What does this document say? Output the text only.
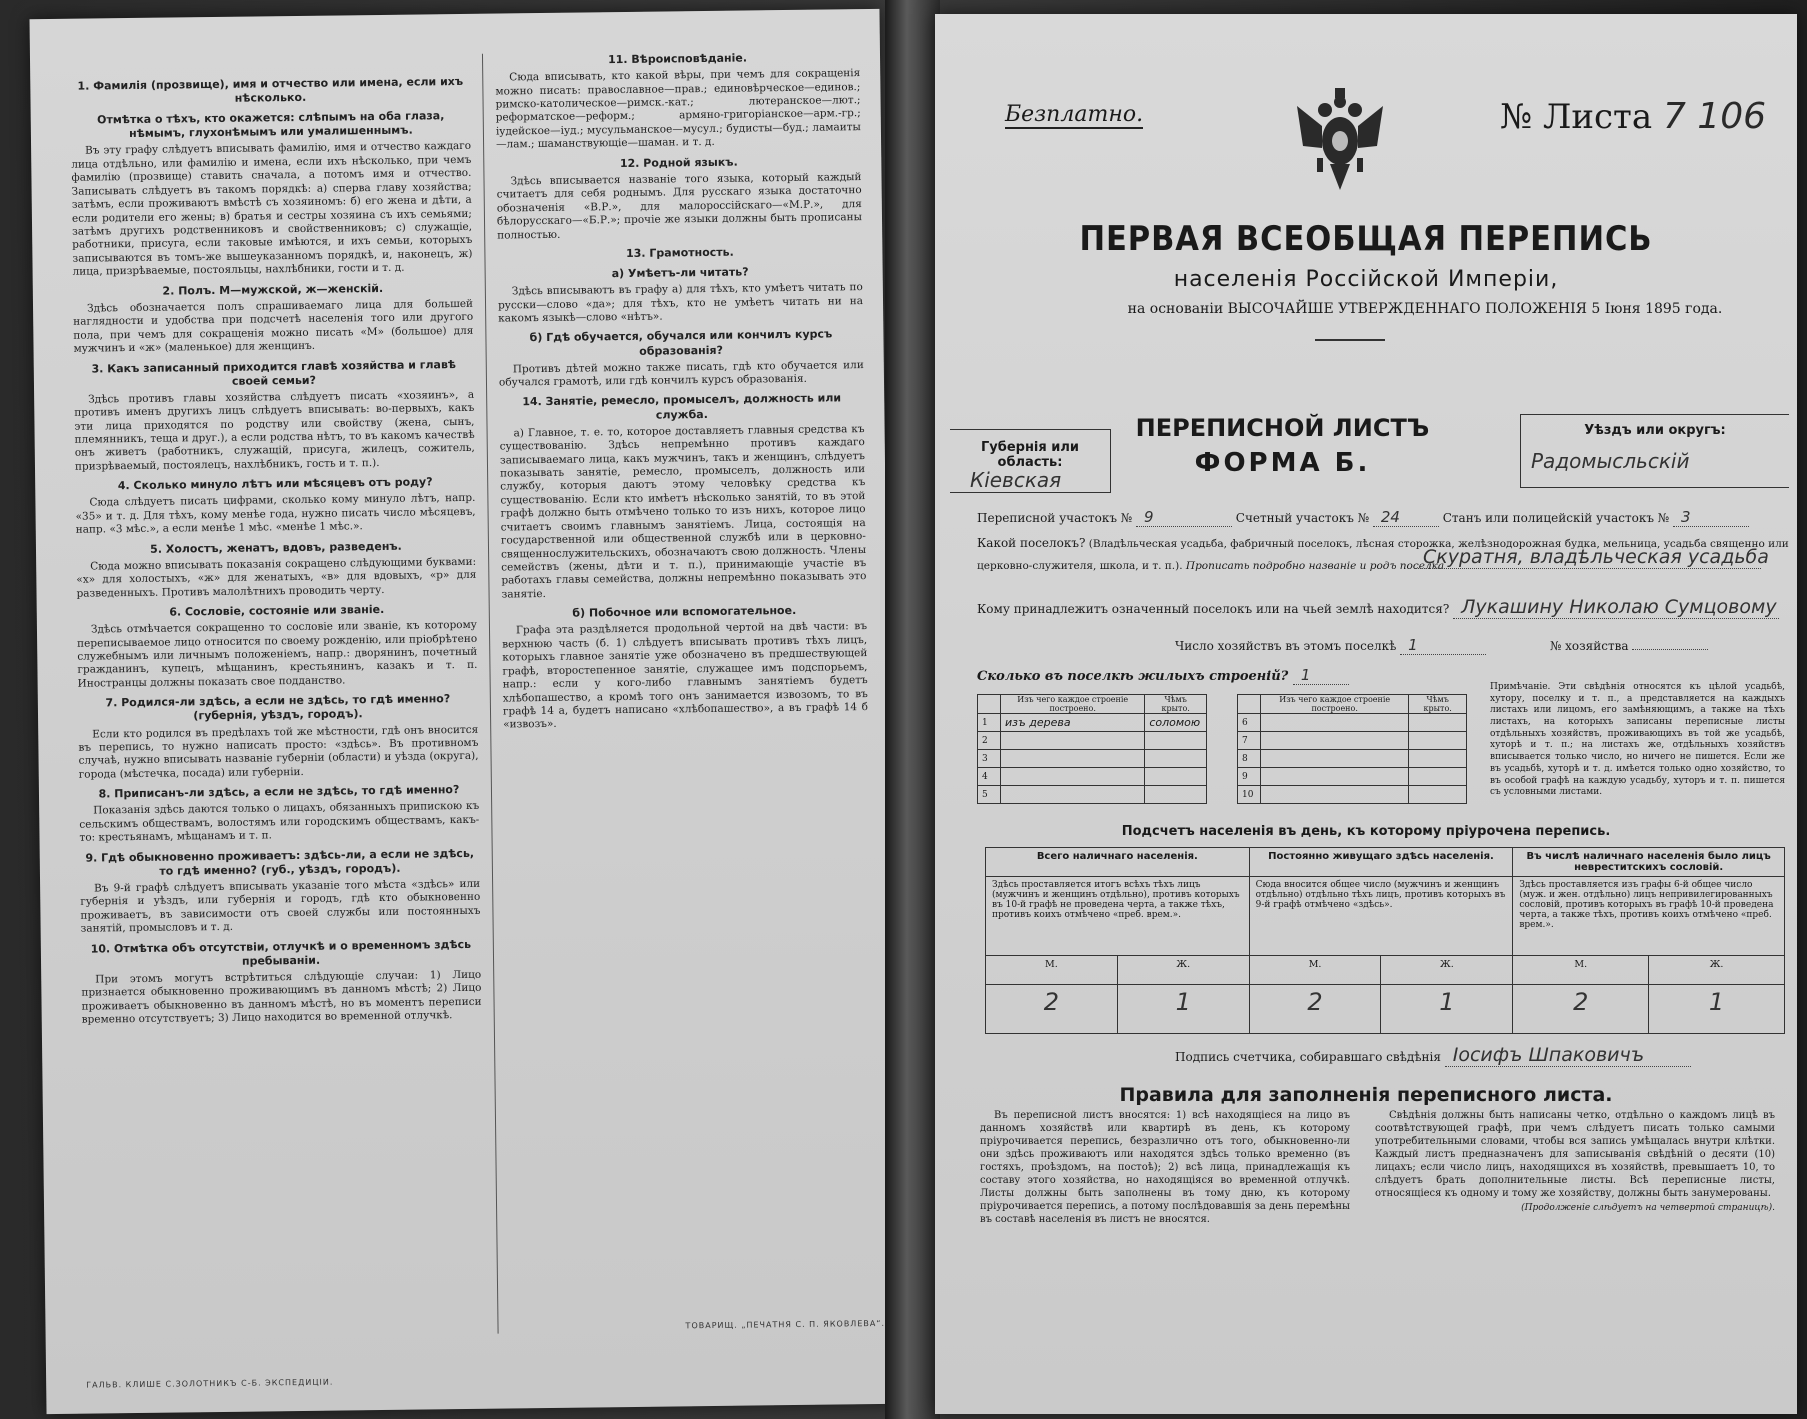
1. Фамилія (прозвище), имя и отчество или имена, если ихъ нѣсколько.
Отмѣтка о тѣхъ, кто окажется: слѣпымъ на оба глаза, нѣмымъ, глухонѣмымъ или умалишеннымъ.

Въ эту графу слѣдуетъ вписывать фамилію, имя и отчество каждаго лица отдѣльно, или фамилію и имена, если ихъ нѣсколько, при чемъ фамилію (прозвище) ставить сначала, а потомъ имя и отчество. Записывать слѣдуетъ въ такомъ порядкѣ: а) сперва главу хозяйства; затѣмъ, если проживаютъ вмѣстѣ съ хозяиномъ: б) его жена и дѣти, а если родители его жены; в) братья и сестры хозяина съ ихъ семьями; затѣмъ другихъ родственниковъ и свойственниковъ; с) служащіе, работники, присуга, если таковые имѣются, и ихъ семьи, которыхъ записываются въ томъ-же вышеуказанномъ порядкѣ, и, наконецъ, ж) лица, призрѣваемые, постояльцы, нахлѣбники, гости и т. д.

2. Полъ. М—мужской, ж—женскій.

Здѣсь обозначается полъ спрашиваемаго лица для большей наглядности и удобства при подсчетѣ населенія того или другого пола, при чемъ для сокращенія можно писать «М» (большое) для мужчинъ и «ж» (маленькое) для женщинъ.

3. Какъ записанный приходится главѣ хозяйства и главѣ своей семьи?

Здѣсь противъ главы хозяйства слѣдуетъ писать «хозяинъ», а противъ именъ другихъ лицъ слѣдуетъ вписывать: во-первыхъ, какъ эти лица приходятся по родству или свойству (жена, сынъ, племянникъ, теща и друг.), а если родства нѣтъ, то въ какомъ качествѣ онъ живетъ (работникъ, служащій, присуга, жилецъ, сожитель, призрѣваемый, постоялецъ, нахлѣбникъ, гость и т. п.).

4. Сколько минуло лѣтъ или мѣсяцевъ отъ роду?

Сюда слѣдуетъ писать цифрами, сколько кому минуло лѣтъ, напр. «35» и т. д. Для тѣхъ, кому менѣе года, нужно писать число мѣсяцевъ, напр. «3 мѣс.», а если менѣе 1 мѣс. «менѣе 1 мѣс.».

5. Холостъ, женатъ, вдовъ, разведенъ.

Сюда можно вписывать показанія сокращено слѣдующими буквами: «х» для холостыхъ, «ж» для женатыхъ, «в» для вдовыхъ, «р» для разведенныхъ. Противъ малолѣтнихъ проводить черту.

6. Сословіе, состояніе или званіе.

Здѣсь отмѣчается сокращенно то сословіе или званіе, къ которому переписываемое лицо относится по своему рожденію, или пріобрѣтено служебнымъ или личнымъ положеніемъ, напр.: дворянинъ, почетный гражданинъ, купецъ, мѣщанинъ, крестьянинъ, казакъ и т. п. Иностранцы должны показать свое подданство.

7. Родился-ли здѣсь, а если не здѣсь, то гдѣ именно? (губернія, уѣздъ, городъ).

Если кто родился въ предѣлахъ той же мѣстности, гдѣ онъ вносится въ перепись, то нужно написать просто: «здѣсь». Въ противномъ случаѣ, нужно вписывать названіе губерніи (области) и уѣзда (округа), города (мѣстечка, посада) или губерніи.

8. Приписанъ-ли здѣсь, а если не здѣсь, то гдѣ именно?

Показанія здѣсь даются только о лицахъ, обязанныхъ припискою къ сельскимъ обществамъ, волостямъ или городскимъ обществамъ, какъ-то: крестьянамъ, мѣщанамъ и т. п.

9. Гдѣ обыкновенно проживаетъ: здѣсь-ли, а если не здѣсь, то гдѣ именно? (губ., уѣздъ, городъ).

Въ 9-й графѣ слѣдуетъ вписывать указаніе того мѣста «здѣсь» или губернія и уѣздъ, или губернія и городъ, гдѣ кто обыкновенно проживаетъ, въ зависимости отъ своей службы или постоянныхъ занятій, промысловъ и т. д.

10. Отмѣтка объ отсутствіи, отлучкѣ и о временномъ здѣсь пребываніи.

При этомъ могутъ встрѣтиться слѣдующіе случаи: 1) Лицо признается обыкновенно проживающимъ въ данномъ мѣстѣ; 2) Лицо проживаетъ обыкновенно въ данномъ мѣстѣ, но въ моментъ переписи временно отсутствуетъ; 3) Лицо находится во временной отлучкѣ.

11. Вѣроисповѣданіе.

Сюда вписывать, кто какой вѣры, при чемъ для сокращенія можно писать: православное—прав.; единовѣрческое—единов.; римско-католическое—римск.-кат.; лютеранское—лют.; реформатское—реформ.; армяно-григоріанское—арм.-гр.; іудейское—іуд.; мусульманское—мусул.; будисты—буд.; ламаиты—лам.; шаманствующіе—шаман. и т. д.

12. Родной языкъ.

Здѣсь вписывается названіе того языка, который каждый считаетъ для себя роднымъ. Для русскаго языка достаточно обозначенія «В.Р.», для малороссійскаго—«М.Р.», для бѣлорусскаго—«Б.Р.»; прочіе же языки должны быть прописаны полностью.

13. Грамотность.
а) Умѣетъ-ли читать?

Здѣсь вписываютъ въ графу а) для тѣхъ, кто умѣетъ читать по русски—слово «да»; для тѣхъ, кто не умѣетъ читать ни на какомъ языкѣ—слово «нѣтъ».

б) Гдѣ обучается, обучался или кончилъ курсъ образованія?

Противъ дѣтей можно также писать, гдѣ кто обучается или обучался грамотѣ, или гдѣ кончилъ курсъ образованія.

14. Занятіе, ремесло, промыселъ, должность или служба.

а) Главное, т. е. то, которое доставляетъ главныя средства къ существованію. Здѣсь непремѣнно противъ каждаго записываемаго лица, какъ мужчинъ, такъ и женщинъ, слѣдуетъ показывать занятіе, ремесло, промыселъ, должность или службу, которыя даютъ этому человѣку средства къ существованію. Если кто имѣетъ нѣсколько занятій, то въ этой графѣ должно быть отмѣчено только то изъ нихъ, которое лицо считаетъ своимъ главнымъ занятіемъ. Лица, состоящія на государственной или общественной службѣ или в церковно-священнослужительскихъ, обозначаютъ свою должность. Члены семействъ (жены, дѣти и т. п.), принимающіе участіе въ работахъ главы семейства, должны непремѣнно показывать это занятіе.

б) Побочное или вспомогательное.

Графа эта раздѣляется продольной чертой на двѣ части: въ верхнюю часть (б. 1) слѣдуетъ вписывать противъ тѣхъ лицъ, которыхъ главное занятіе уже обозначено въ предшествующей графѣ, второстепенное занятіе, служащее имъ подспорьемъ, напр.: если у кого-либо главнымъ занятіемъ будетъ хлѣбопашество, а кромѣ того онъ занимается извозомъ, то въ графѣ 14 а, будетъ написано «хлѣбопашество», а въ графѣ 14 б «извозъ».

ГАЛЬВ. КЛИШЕ С.ЗОЛОТНИКЪ С-Б. ЭКСПЕДИЦІИ.
ТОВАРИЩ. „ПЕЧАТНЯ С. П. ЯКОВЛЕВА“.
Безплатно.	№ Листа 7 106
ПЕРВАЯ ВСЕОБЩАЯ ПЕРЕПИСЬ
населенія Россійской Имперіи,
на основаніи ВЫСОЧАЙШЕ УТВЕРЖДЕННАГО ПОЛОЖЕНІЯ 5 Іюня 1895 года.
Губернія или область:
Кіевская
ПЕРЕПИСНОЙ ЛИСТЪ
ФОРМА Б.
Уѣздъ или округъ:
Радомысльскій
Переписной участокъ № 9	Счетный участокъ № 24	Станъ или полицейскій участокъ № 3
Какой поселокъ? (Владѣльческая усадьба, фабричный поселокъ, лѣсная сторожка, желѣзнодорожная будка, мельница, усадьба священно или
церковно-служителя, школа, и т. п.). Прописать подробно названіе и родъ поселка
Скуратня, владѣльческая усадьба
Кому принадлежитъ означенный поселокъ или на чьей землѣ находится? Лукашину Николаю Сумцовому
Число хозяйствъ въ этомъ поселкѣ 1	№ хозяйства
Сколько въ поселкѣ жилыхъ строеній? 1
	Изъ чего каждое строеніе построено.	Чѣмъ крыто.
1	изъ дерева	соломою
2		
3		
4		
5		
	Изъ чего каждое строеніе построено.	Чѣмъ крыто.
6		
7		
8		
9		
10		
Примѣчаніе. Эти свѣдѣнія относятся къ цѣлой усадьбѣ, хутору, поселку и т. п., а представляется на каждыхъ листахъ или лицомъ, его замѣняющимъ, а также на тѣхъ листахъ, на которыхъ записаны переписные листы отдѣльныхъ хозяйствъ, проживающихъ въ той же усадьбѣ, хуторѣ и т. п.; на листахъ же, отдѣльныхъ хозяйствъ вписывается только число, но ничего не пишется. Если же въ усадьбѣ, хуторѣ и т. д. имѣется только одно хозяйство, то въ особой графѣ на каждую усадьбу, хуторъ и т. п. пишется съ условными листами.
Подсчетъ населенія въ день, къ которому пріурочена перепись.
Всего наличнаго населенія.		Постоянно живущаго здѣсь населенія.		Въ числѣ наличнаго населенія было лицъ невреститскихъ сословій.	
Здѣсь проставляется итогъ всѣхъ тѣхъ лицъ (мужчинъ и женщинъ отдѣльно), противъ которыхъ въ 10-й графѣ не проведена черта, а также тѣхъ, противъ коихъ отмѣчено «преб. врем.».		Сюда вносится общее число (мужчинъ и женщинъ отдѣльно) отдѣльно тѣхъ лицъ, противъ которыхъ въ 9-й графѣ отмѣчено «здѣсь».		Здѣсь проставляется изъ графы 6-й общее число (муж. и жен. отдѣльно) лицъ непривилегированныхъ сословій, противъ которыхъ въ графѣ 10-й проведена черта, а также тѣхъ, противъ коихъ отмѣчено «преб. врем.».	
М.	Ж.	М.	Ж.	М.	Ж.
2	1	2	1	2	1
Подпись счетчика, собиравшаго свѣдѣнія Іосифъ Шпаковичъ
Правила для заполненія переписного листа.

Въ переписной листъ вносятся: 1) всѣ находящіеся на лицо въ данномъ хозяйствѣ или квартирѣ въ день, къ которому пріурочивается перепись, безразлично отъ того, обыкновенно-ли они здѣсь проживаютъ или находятся здѣсь только временно (въ гостяхъ, проѣздомъ, на постоѣ); 2) всѣ лица, принадлежащія къ составу этого хозяйства, но находящіяся во временной отлучкѣ. Листы должны быть заполнены въ тому дню, къ которому пріурочивается перепись, а потому послѣдовавшія за день перемѣны въ составѣ населенія въ листъ не вносятся.

Свѣдѣнія должны быть написаны четко, отдѣльно о каждомъ лицѣ въ соотвѣтствующей графѣ, при чемъ слѣдуетъ писать только самыми употребительными словами, чтобы вся запись умѣщалась внутри клѣтки. Каждый листъ предназначенъ для записыванія свѣдѣній о десяти (10) лицахъ; если число лицъ, находящихся въ хозяйствѣ, превышаетъ 10, то слѣдуетъ брать дополнительные листы. Всѣ переписные листы, относящіеся къ одному и тому же хозяйству, должны быть занумерованы.

(Продолженіе слѣдуетъ на четвертой страницѣ).
